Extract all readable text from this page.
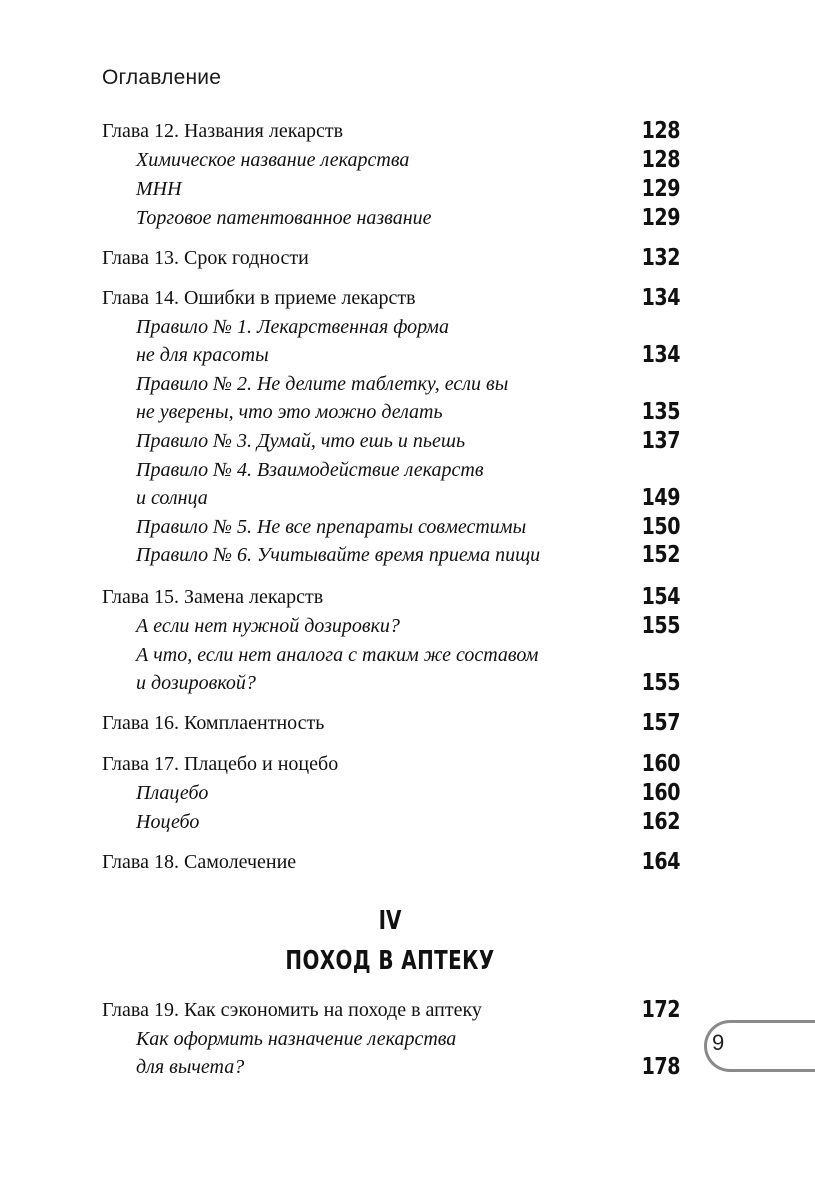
Оглавление
Глава 12. Названия лекарств	128
Химическое название лекарства	128
МНН	129
Торговое патентованное название	129
Глава 13. Срок годности	132
Глава 14. Ошибки в приеме лекарств	134
Правило № 1. Лекарственная форма
не для красоты	134
Правило № 2. Не делите таблетку, если вы
не уверены, что это можно делать	135
Правило № 3. Думай, что ешь и пьешь	137
Правило № 4. Взаимодействие лекарств
и солнца	149
Правило № 5. Не все препараты совместимы	150
Правило № 6. Учитывайте время приема пищи	152
Глава 15. Замена лекарств	154
А если нет нужной дозировки?	155
А что, если нет аналога с таким же составом
и дозировкой?	155
Глава 16. Комплаентность	157
Глава 17. Плацебо и ноцебо	160
Плацебо	160
Ноцебо	162
Глава 18. Самолечение	164
IV
ПОХОД В АПТЕКУ
Глава 19. Как сэкономить на походе в аптеку	172
Как оформить назначение лекарства
для вычета?	178
9
